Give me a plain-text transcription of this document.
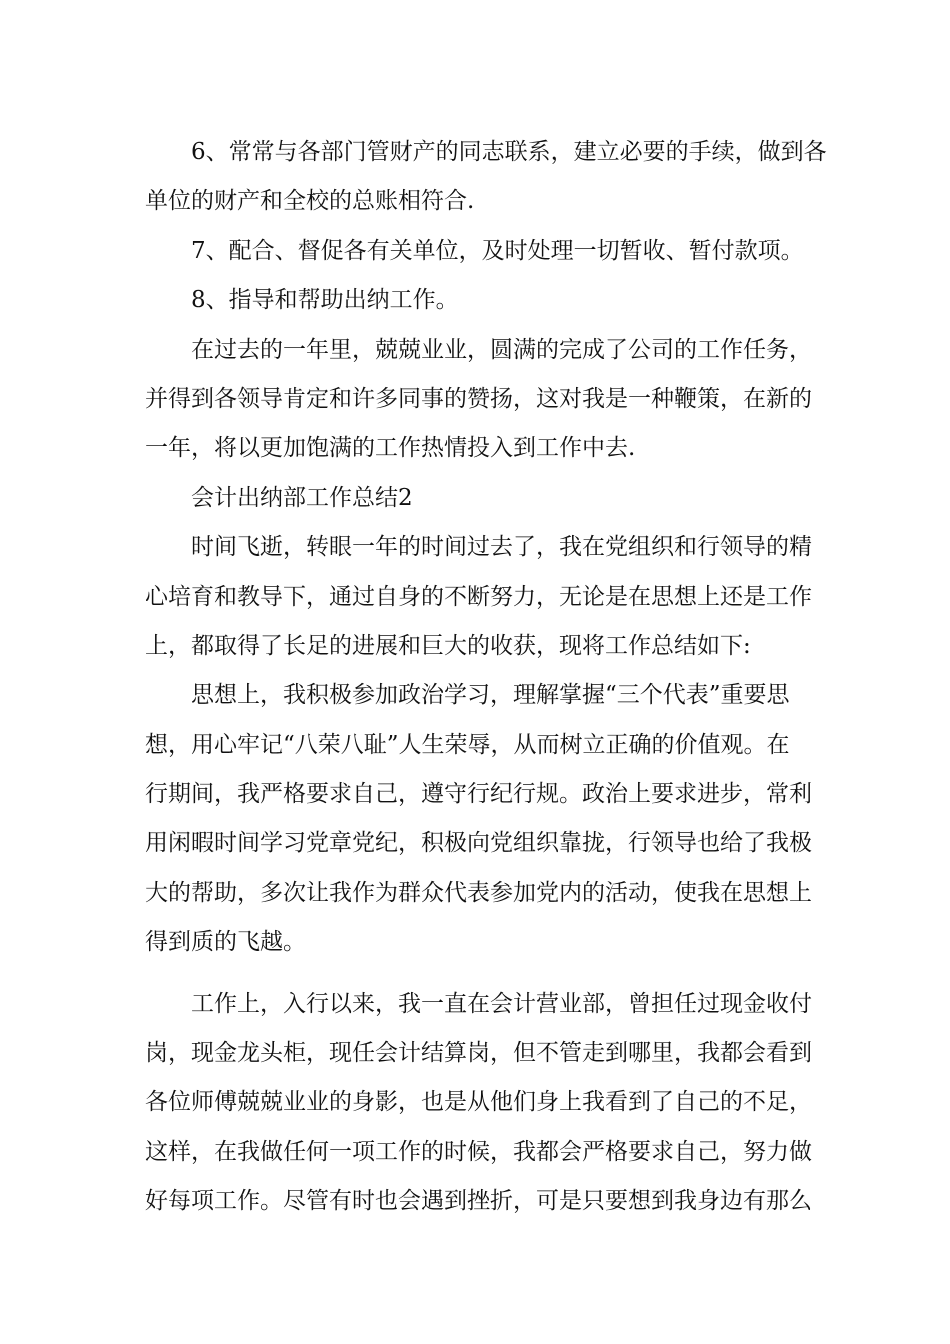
6、常常与各部门管财产的同志联系，建立必要的手续，做到各
单位的财产和全校的总账相符合.
7、配合、督促各有关单位，及时处理一切暂收、暂付款项。
8、指导和帮助出纳工作。
在过去的一年里，兢兢业业，圆满的完成了公司的工作任务，
并得到各领导肯定和许多同事的赞扬，这对我是一种鞭策，在新的
一年，将以更加饱满的工作热情投入到工作中去.
会计出纳部工作总结2
时间飞逝，转眼一年的时间过去了，我在党组织和行领导的精
心培育和教导下，通过自身的不断努力，无论是在思想上还是工作
上，都取得了长足的进展和巨大的收获，现将工作总结如下:
思想上，我积极参加政治学习，理解掌握“三个代表”重要思
想，用心牢记“八荣八耻”人生荣辱，从而树立正确的价值观。在
行期间，我严格要求自己，遵守行纪行规。政治上要求进步，常利
用闲暇时间学习党章党纪，积极向党组织靠拢，行领导也给了我极
大的帮助，多次让我作为群众代表参加党内的活动，使我在思想上
得到质的飞越。
工作上，入行以来，我一直在会计营业部，曾担任过现金收付
岗，现金龙头柜，现任会计结算岗，但不管走到哪里，我都会看到
各位师傅兢兢业业的身影，也是从他们身上我看到了自己的不足，
这样，在我做任何一项工作的时候，我都会严格要求自己，努力做
好每项工作。尽管有时也会遇到挫折，可是只要想到我身边有那么
